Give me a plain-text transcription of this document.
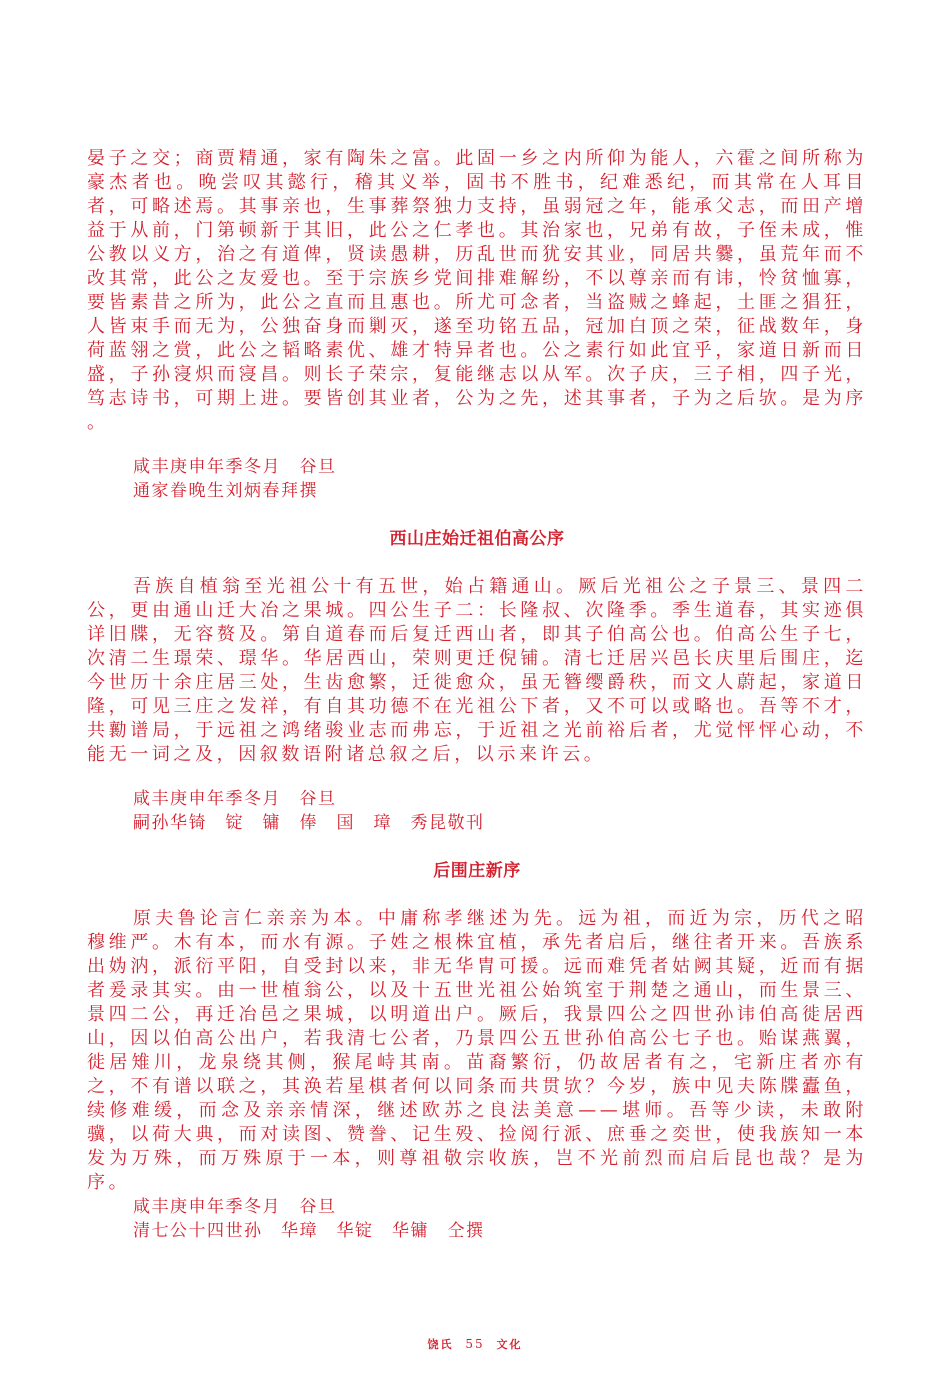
晏子之交；商贾精通，家有陶朱之富。此固一乡之内所仰为能人，六霍之间所称为豪杰者也。晚尝叹其懿行，稽其义举，固书不胜书，纪难悉纪，而其常在人耳目者，可略述焉。其事亲也，生事葬祭独力支持，虽弱冠之年，能承父志，而田产增益于从前，门第顿新于其旧，此公之仁孝也。其治家也，兄弟有故，子侄未成，惟公教以义方，治之有道俾，贤读愚耕，历乱世而犹安其业，同居共爨，虽荒年而不改其常，此公之友爱也。至于宗族乡党间排难解纷，不以尊亲而有讳，怜贫恤寡，要皆素昔之所为，此公之直而且惠也。所尤可念者，当盗贼之蜂起，土匪之猖狂，人皆束手而无为，公独奋身而剿灭，遂至功铭五品，冠加白顶之荣，征战数年，身荷蓝翎之赏，此公之韬略素优、雄才特异者也。公之素行如此宜乎，家道日新而日盛，子孙寖炽而寖昌。则长子荣宗，复能继志以从军。次子庆，三子相，四子光，笃志诗书，可期上进。要皆创其业者，公为之先，述其事者，子为之后欤。是为序 。

咸丰庚申年季冬月　谷旦

通家眷晚生刘炳春拜撰

西山庄始迁祖伯高公序

吾族自植翁至光祖公十有五世，始占籍通山。厥后光祖公之子景三、景四二公，更由通山迁大冶之果城。四公生子二：长隆叔、次隆季。季生道春，其实迹俱详旧牒，无容赘及。第自道春而后复迁西山者，即其子伯高公也。伯高公生子七，次清二生璟荣、璟华。华居西山，荣则更迁倪铺。清七迁居兴邑长庆里后围庄，迄今世历十余庄居三处，生齿愈繁，迁徙愈众，虽无簪缨爵秩，而文人蔚起，家道日隆，可见三庄之发祥，有自其功德不在光祖公下者，又不可以或略也。吾等不才，共勷谱局，于远祖之鸿绪骏业志而弗忘，于近祖之光前裕后者，尤觉怦怦心动，不能无一词之及，因叙数语附诸总叙之后，以示来许云。

咸丰庚申年季冬月　谷旦

嗣孙华锜　锭　镛　俸　国　璋　秀昆敬刊

后围庄新序

原夫鲁论言仁亲亲为本。中庸称孝继述为先。远为祖，而近为宗，历代之昭穆维严。木有本，而水有源。子姓之根株宜植，承先者启后，继往者开来。吾族系出妫汭，派衍平阳，自受封以来，非无华胄可援。远而难凭者姑阙其疑，近而有据者爰录其实。由一世植翁公，以及十五世光祖公始筑室于荆楚之通山，而生景三、景四二公，再迁冶邑之果城，以明道出户。厥后，我景四公之四世孙讳伯高徙居西山，因以伯高公出户，若我清七公者，乃景四公五世孙伯高公七子也。贻谋燕翼，徙居雉川，龙泉绕其侧，猴尾峙其南。苗裔繁衍，仍故居者有之，宅新庄者亦有之，不有谱以联之，其涣若星棋者何以同条而共贯欤？今岁，族中见夫陈牒蠹鱼，续修难缓，而念及亲亲情深，继述欧苏之良法美意——堪师。吾等少读，未敢附骥，以荷大典，而对读图、赞誊、记生殁、捡阅行派、庶垂之奕世，使我族知一本发为万殊，而万殊原于一本，则尊祖敬宗收族，岂不光前烈而启后昆也哉？是为序。

咸丰庚申年季冬月　谷旦

清七公十四世孙　华璋　华锭　华镛　仝撰

饶氏 55 文化
